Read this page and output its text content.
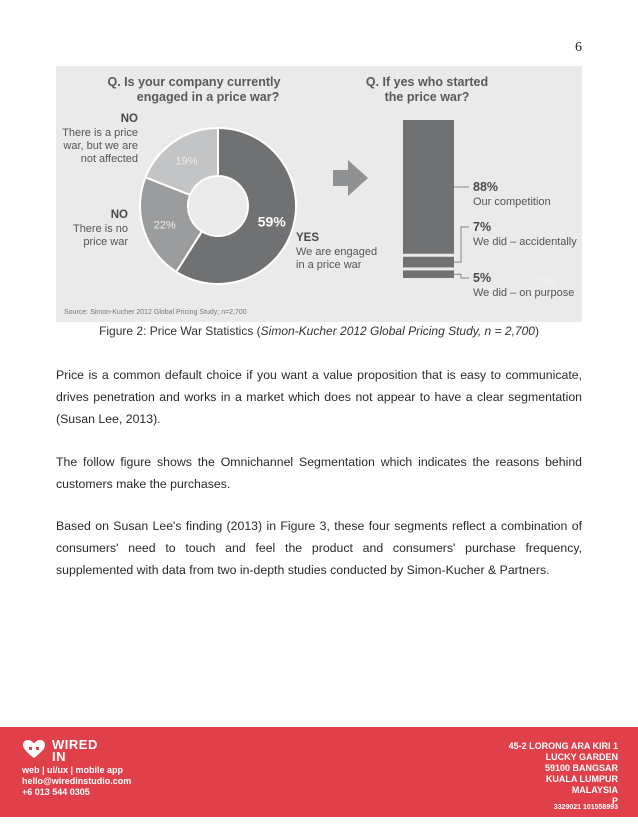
6
Q. Is your company currently
engaged in a price war?
Q. If yes who started
the price war?
59%
22%
19%
YES
We are engaged
in a price war
NO
There is no
price war
NO
There is a price
war, but we are
not affected
88%
Our competition
7%
We did – accidentally
5%
We did – on purpose
70%
Source: Simon-Kucher 2012 Global Pricing Study; n=2,700
Figure 2: Price War Statistics (Simon-Kucher 2012 Global Pricing Study, n = 2,700)

Price is a common default choice if you want a value proposition that is easy to communicate, drives penetration and works in a market which does not appear to have a clear segmentation (Susan Lee, 2013).

The follow figure shows the Omnichannel Segmentation which indicates the reasons behind customers make the purchases.

Based on Susan Lee's finding (2013) in Figure 3, these four segments reflect a combination of consumers' need to touch and feel the product and consumers' purchase frequency, supplemented with data from two in-depth studies conducted by Simon-Kucher & Partners.

WIRED
IN
web | ui/ux | mobile app
hello@wiredinstudio.com
+6 013 544 0305
45-2 LORONG ARA KIRI 1
LUCKY GARDEN
59100 BANGSAR
KUALA LUMPUR
MALAYSIA
P
3329021 101558993
